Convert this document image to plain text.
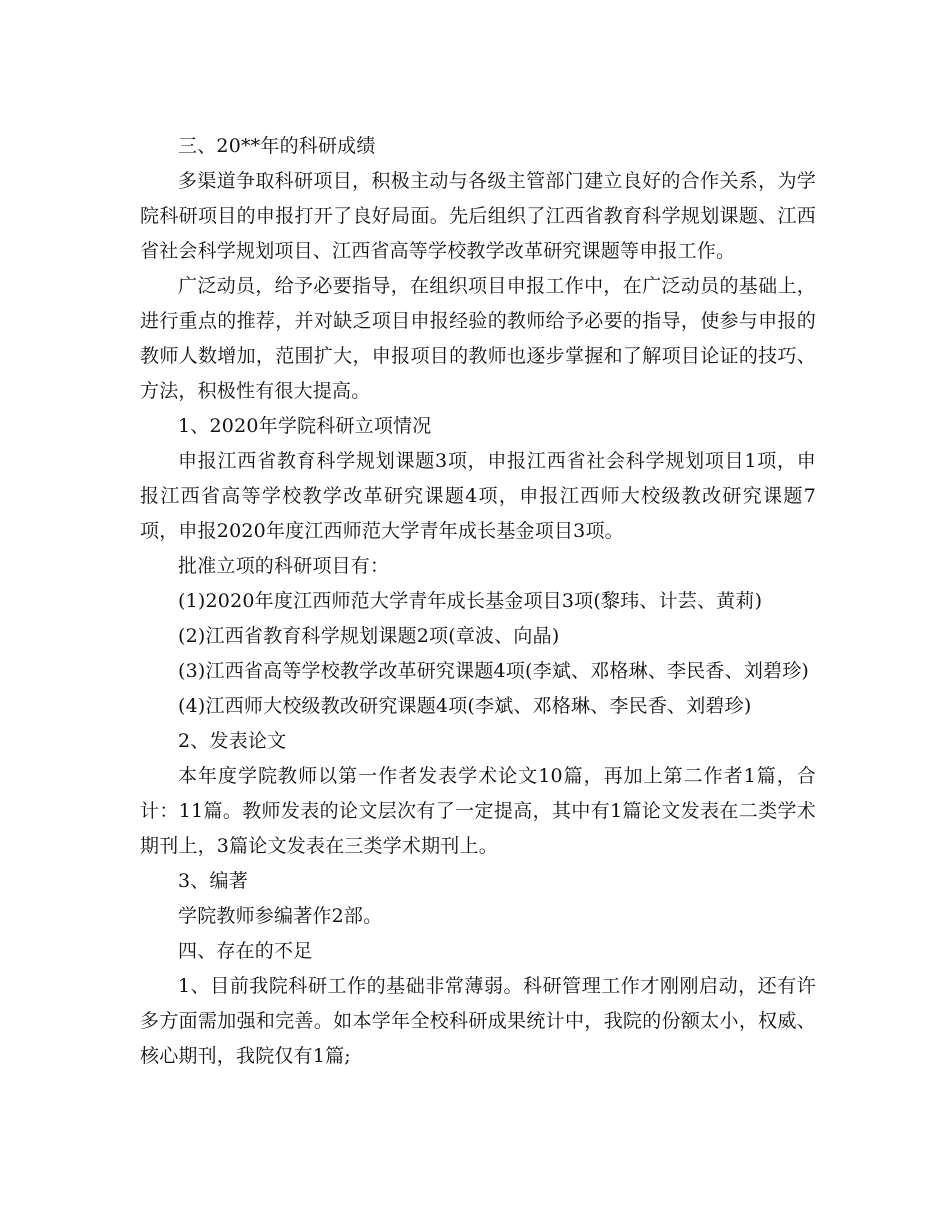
三、20**年的科研成绩

多渠道争取科研项目，积极主动与各级主管部门建立良好的合作关系，为学院科研项目的申报打开了良好局面。先后组织了江西省教育科学规划课题、江西省社会科学规划项目、江西省高等学校教学改革研究课题等申报工作。

广泛动员，给予必要指导，在组织项目申报工作中，在广泛动员的基础上，进行重点的推荐，并对缺乏项目申报经验的教师给予必要的指导，使参与申报的教师人数增加，范围扩大，申报项目的教师也逐步掌握和了解项目论证的技巧、方法，积极性有很大提高。

1、2020年学院科研立项情况

申报江西省教育科学规划课题3项，申报江西省社会科学规划项目1项，申报江西省高等学校教学改革研究课题4项，申报江西师大校级教改研究课题7项，申报2020年度江西师范大学青年成长基金项目3项。

批准立项的科研项目有：

(1)2020年度江西师范大学青年成长基金项目3项(黎玮、计芸、黄莉)

(2)江西省教育科学规划课题2项(章波、向晶)

(3)江西省高等学校教学改革研究课题4项(李斌、邓格琳、李民香、刘碧珍)

(4)江西师大校级教改研究课题4项(李斌、邓格琳、李民香、刘碧珍)

2、发表论文

本年度学院教师以第一作者发表学术论文10篇，再加上第二作者1篇，合计：11篇。教师发表的论文层次有了一定提高，其中有1篇论文发表在二类学术期刊上，3篇论文发表在三类学术期刊上。

3、编著

学院教师参编著作2部。

四、存在的不足

1、目前我院科研工作的基础非常薄弱。科研管理工作才刚刚启动，还有许多方面需加强和完善。如本学年全校科研成果统计中，我院的份额太小，权威、核心期刊，我院仅有1篇;
